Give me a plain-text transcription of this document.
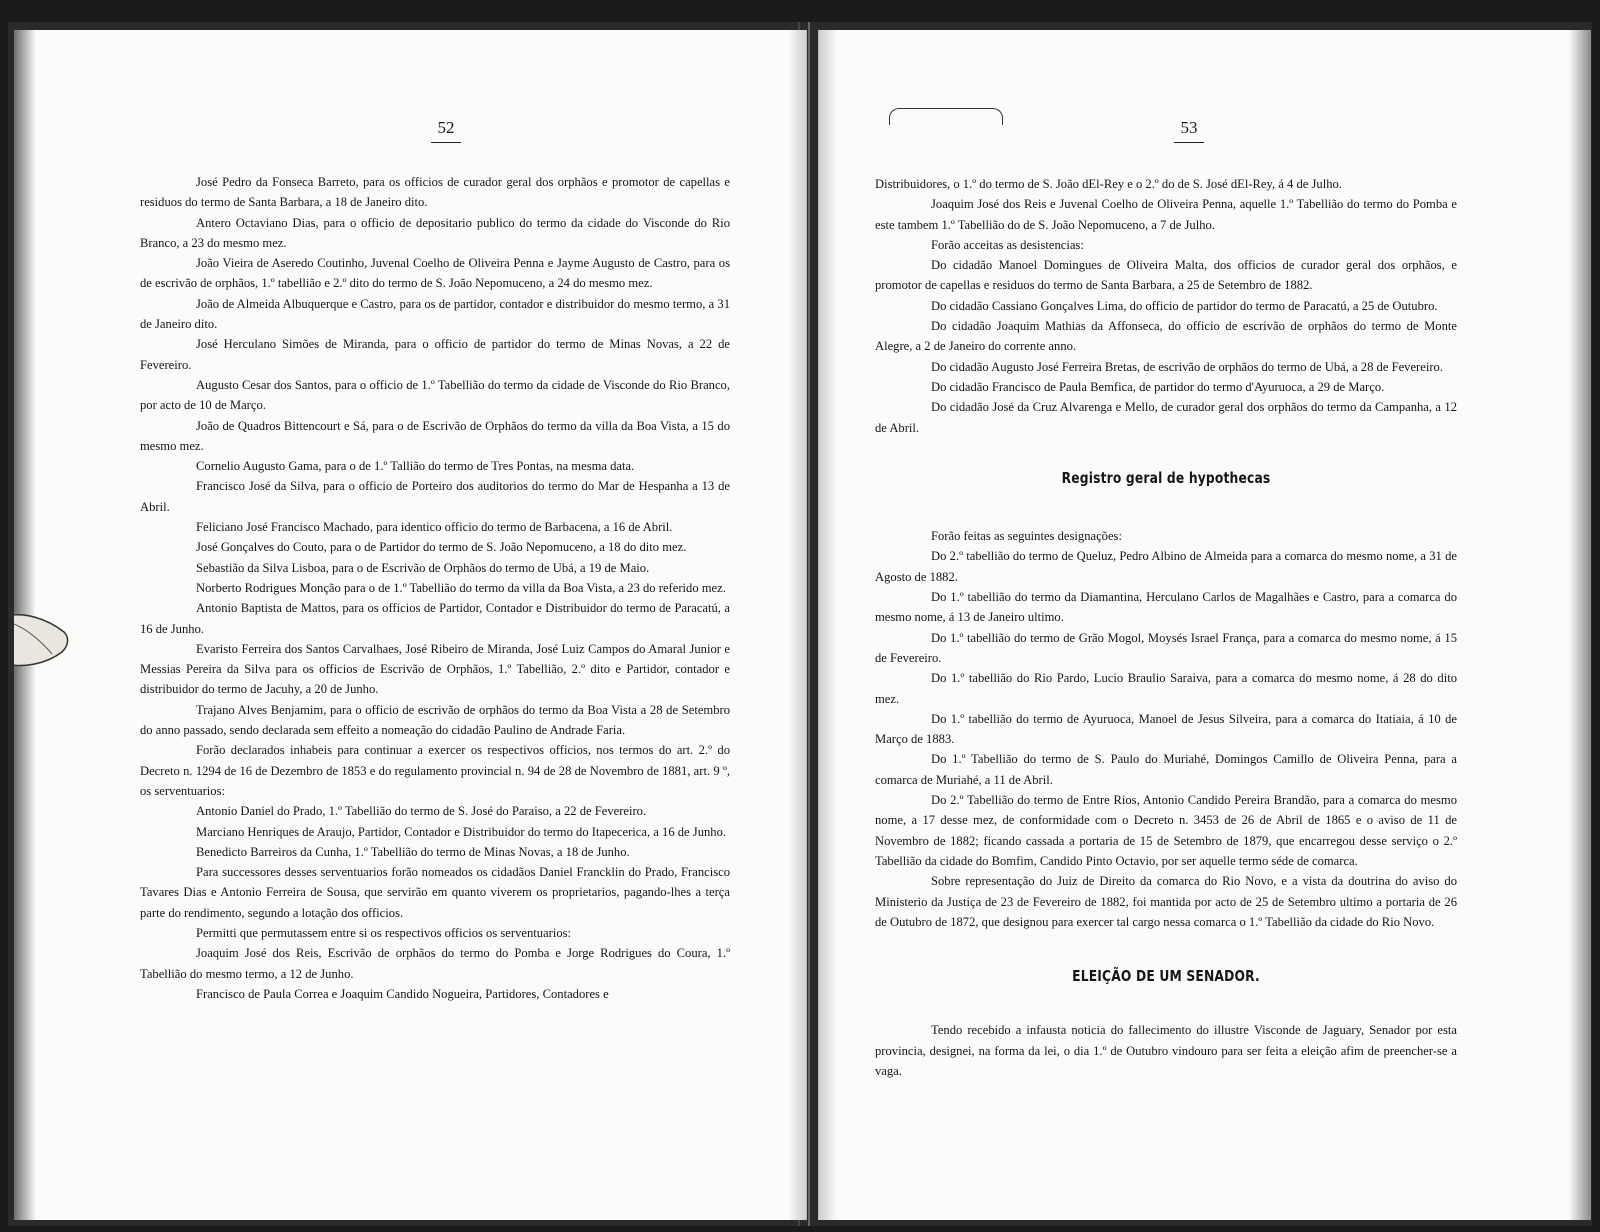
52

José Pedro da Fonseca Barreto, para os officios de curador geral dos orphãos e promotor de capellas e residuos do termo de Santa Barbara, a 18 de Janeiro dito.

Antero Octaviano Dias, para o officio de depositario publico do termo da cidade do Visconde do Rio Branco, a 23 do mesmo mez.

João Vieira de Aseredo Coutinho, Juvenal Coelho de Oliveira Penna e Jayme Augusto de Castro, para os de escrivão de orphãos, 1.º tabellião e 2.º dito do termo de S. João Nepomuceno, a 24 do mesmo mez.

João de Almeida Albuquerque e Castro, para os de partidor, contador e distribuidor do mesmo termo, a 31 de Janeiro dito.

José Herculano Simões de Miranda, para o officio de partidor do termo de Minas Novas, a 22 de Fevereiro.

Augusto Cesar dos Santos, para o officio de 1.º Tabellião do termo da cidade de Visconde do Rio Branco, por acto de 10 de Março.

João de Quadros Bittencourt e Sá, para o de Escrivão de Orphãos do termo da villa da Boa Vista, a 15 do mesmo mez.

Cornelio Augusto Gama, para o de 1.º Tallião do termo de Tres Pontas, na mesma data.

Francisco José da Silva, para o officio de Porteiro dos auditorios do termo do Mar de Hespanha a 13 de Abril.

Feliciano José Francisco Machado, para identico officio do termo de Barbacena, a 16 de Abril.

José Gonçalves do Couto, para o de Partidor do termo de S. João Nepomuceno, a 18 do dito mez.

Sebastião da Silva Lisboa, para o de Escrivão de Orphãos do termo de Ubá, a 19 de Maio.

Norberto Rodrigues Monção para o de 1.º Tabellião do termo da villa da Boa Vista, a 23 do referido mez.

Antonio Baptista de Mattos, para os officios de Partidor, Contador e Distribuidor do termo de Paracatú, a 16 de Junho.

Evaristo Ferreira dos Santos Carvalhaes, José Ribeiro de Miranda, José Luiz Campos do Amaral Junior e Messias Pereira da Silva para os officios de Escrivão de Orphãos, 1.º Tabellião, 2.º dito e Partidor, contador e distribuidor do termo de Jacuhy, a 20 de Junho.

Trajano Alves Benjamim, para o officio de escrivão de orphãos do termo da Boa Vista a 28 de Setembro do anno passado, sendo declarada sem effeito a nomeação do cidadão Paulino de Andrade Faria.

Forão declarados inhabeis para continuar a exercer os respectivos officios, nos termos do art. 2.º do Decreto n. 1294 de 16 de Dezembro de 1853 e do regulamento provincial n. 94 de 28 de Novembro de 1881, art. 9 º, os serventuarios:

Antonio Daniel do Prado, 1.º Tabellião do termo de S. José do Paraiso, a 22 de Fevereiro.

Marciano Henriques de Araujo, Partidor, Contador e Distribuidor do termo do Itapecerica, a 16 de Junho.

Benedicto Barreiros da Cunha, 1.º Tabellião do termo de Minas Novas, a 18 de Junho.

Para successores desses serventuarios forão nomeados os cidadãos Daniel Francklin do Prado, Francisco Tavares Dias e Antonio Ferreira de Sousa, que servirão em quanto viverem os proprietarios, pagando-lhes a terça parte do rendimento, segundo a lotação dos officios.

Permitti que permutassem entre si os respectivos officios os serventuarios:

Joaquim José dos Reis, Escrivão de orphãos do termo do Pomba e Jorge Rodrigues do Coura, 1.º Tabellião do mesmo termo, a 12 de Junho.

Francisco de Paula Correa e Joaquim Candido Nogueira, Partidores, Contadores e

53

Distribuidores, o 1.º do termo de S. João dEl-Rey e o 2.º do de S. José dEl-Rey, á 4 de Julho.

Joaquim José dos Reis e Juvenal Coelho de Oliveira Penna, aquelle 1.º Tabellião do termo do Pomba e este tambem 1.º Tabellião do de S. João Nepomuceno, a 7 de Julho.

Forão acceitas as desistencias:

Do cidadão Manoel Domingues de Oliveira Malta, dos officios de curador geral dos orphãos, e promotor de capellas e residuos do termo de Santa Barbara, a 25 de Setembro de 1882.

Do cidadão Cassiano Gonçalves Lima, do officio de partidor do termo de Paracatú, a 25 de Outubro.

Do cidadão Joaquim Mathias da Affonseca, do officio de escrivão de orphãos do termo de Monte Alegre, a 2 de Janeiro do corrente anno.

Do cidadão Augusto José Ferreira Bretas, de escrivão de orphãos do termo de Ubá, a 28 de Fevereiro.

Do cidadão Francisco de Paula Bemfica, de partidor do termo d'Ayuruoca, a 29 de Março.

Do cidadão José da Cruz Alvarenga e Mello, de curador geral dos orphãos do termo da Campanha, a 12 de Abril.

Registro geral de hypothecas

Forão feitas as seguintes designações:

Do 2.º tabellião do termo de Queluz, Pedro Albino de Almeida para a comarca do mesmo nome, a 31 de Agosto de 1882.

Do 1.º tabellião do termo da Diamantina, Herculano Carlos de Magalhães e Castro, para a comarca do mesmo nome, á 13 de Janeiro ultimo.

Do 1.º tabellião do termo de Grão Mogol, Moysés Israel França, para a comarca do mesmo nome, á 15 de Fevereiro.

Do 1.º tabellião do Rio Pardo, Lucio Braulio Saraiva, para a comarca do mesmo nome, á 28 do dito mez.

Do 1.º tabellião do termo de Ayuruoca, Manoel de Jesus Silveira, para a comarca do Itatiaia, á 10 de Março de 1883.

Do 1.º Tabellião do termo de S. Paulo do Muriahé, Domingos Camillo de Oliveira Penna, para a comarca de Muriahé, a 11 de Abril.

Do 2.º Tabellião do termo de Entre Rios, Antonio Candido Pereira Brandão, para a comarca do mesmo nome, a 17 desse mez, de conformidade com o Decreto n. 3453 de 26 de Abril de 1865 e o aviso de 11 de Novembro de 1882; ficando cassada a portaria de 15 de Setembro de 1879, que encarregou desse serviço o 2.º Tabellião da cidade do Bomfim, Candido Pinto Octavio, por ser aquelle termo séde de comarca.

Sobre representação do Juiz de Direito da comarca do Rio Novo, e a vista da doutrina do aviso do Ministerio da Justiça de 23 de Fevereiro de 1882, foi mantida por acto de 25 de Setembro ultimo a portaria de 26 de Outubro de 1872, que designou para exercer tal cargo nessa comarca o 1.º Tabellião da cidade do Rio Novo.

ELEIÇÃO DE UM SENADOR.

Tendo recebido a infausta noticia do fallecimento do illustre Visconde de Jaguary, Senador por esta provincia, designei, na forma da lei, o dia 1.º de Outubro vindouro para ser feita a eleição afim de preencher-se a vaga.
